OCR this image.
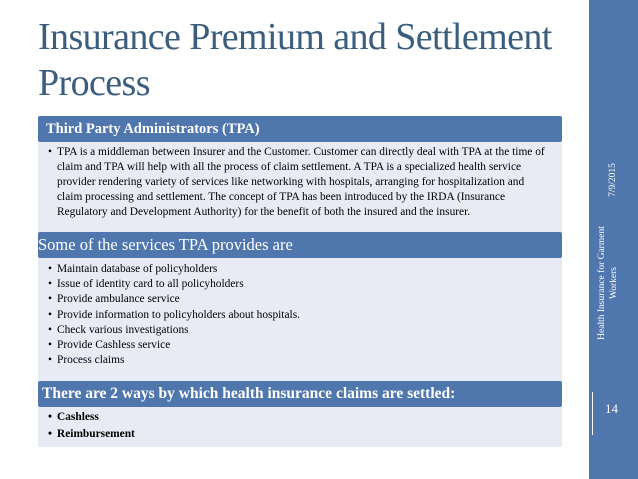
Insurance Premium and Settlement Process
Third Party Administrators (TPA)
• TPA is a middleman between Insurer and the Customer. Customer can directly deal with TPA at the time of claim and TPA will help with all the process of claim settlement. A TPA is a specialized health service provider rendering variety of services like networking with hospitals, arranging for hospitalization and claim processing and settlement. The concept of TPA has been introduced by the IRDA (Insurance Regulatory and Development Authority) for the benefit of both the insured and the insurer.
Some of the services TPA provides are
• Maintain database of policyholders
• Issue of identity card to all policyholders
• Provide ambulance service
• Provide information to policyholders about hospitals.
• Check various investigations
• Provide Cashless service
• Process claims
There are 2 ways by which health insurance claims are settled:
• Cashless
• Reimbursement
7/9/2015
Health Insurance for Garment Workers
14
